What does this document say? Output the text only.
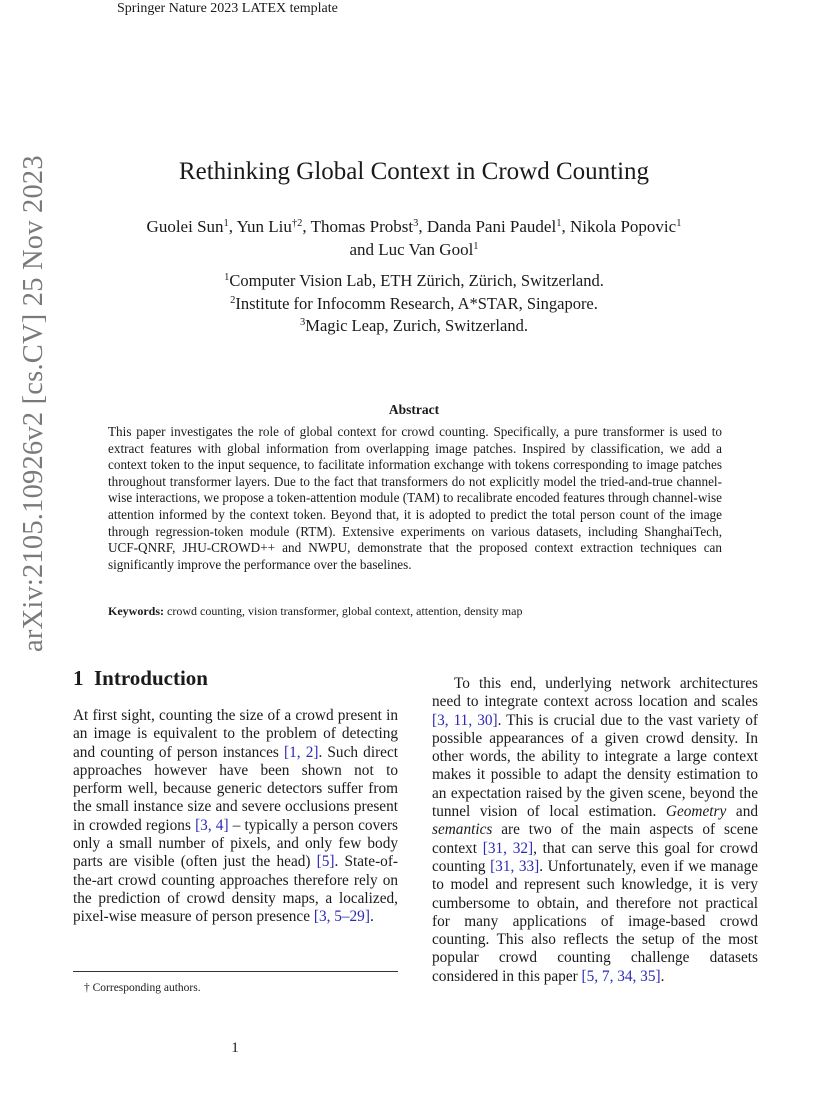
Springer Nature 2023 LATEX template
arXiv:2105.10926v2 [cs.CV] 25 Nov 2023	Rethinking Global Context in Crowd Counting
Guolei Sun$^1$, Yun Liu$^{\dagger 2}$, Thomas Probst$^3$, Danda Pani Paudel$^1$, Nikola Popovic$^1$
and Luc Van Gool$^1$
$^1$Computer Vision Lab, ETH Zürich, Zürich, Switzerland.
$^2$Institute for Infocomm Research, A*STAR, Singapore.
$^3$Magic Leap, Zurich, Switzerland.
Abstract
This paper investigates the role of global context for crowd counting. Specifically, a pure transformer is used to extract features with global information from overlapping image patches. Inspired by classification, we add a context token to the input sequence, to facilitate information exchange with tokens corresponding to image patches throughout transformer layers. Due to the fact that transformers do not explicitly model the tried-and-true channel-wise interactions, we propose a token-attention module (TAM) to recalibrate encoded features through channel-wise attention informed by the context token. Beyond that, it is adopted to predict the total person count of the image through regression-token module (RTM). Extensive experiments on various datasets, including ShanghaiTech, UCF-QNRF, JHU-CROWD++ and NWPU, demonstrate that the proposed context extraction techniques can significantly improve the performance over the baselines.
Keywords: crowd counting, vision transformer, global context, attention, density map
1 Introduction
At first sight, counting the size of a crowd present in an image is equivalent to the problem of detecting and counting of person instances [1, 2]. Such direct approaches however have been shown not to perform well, because generic detectors suffer from the small instance size and severe occlusions present in crowded regions [3, 4] – typically a person covers only a small number of pixels, and only few body parts are visible (often just the head) [5]. State-of-the-art crowd counting approaches therefore rely on the prediction of crowd density maps, a localized, pixel-wise measure of person presence [3, 5–29].
To this end, underlying network architectures need to integrate context across location and scales [3, 11, 30]. This is crucial due to the vast variety of possible appearances of a given crowd density. In other words, the ability to integrate a large context makes it possible to adapt the density estimation to an expectation raised by the given scene, beyond the tunnel vision of local estimation. Geometry and semantics are two of the main aspects of scene context [31, 32], that can serve this goal for crowd counting [31, 33]. Unfortunately, even if we manage to model and represent such knowledge, it is very cumbersome to obtain, and therefore not practical for many applications of image-based crowd counting. This also reflects the setup of the most popular crowd counting challenge datasets considered in this paper [5, 7, 34, 35].
† Corresponding authors.
1
